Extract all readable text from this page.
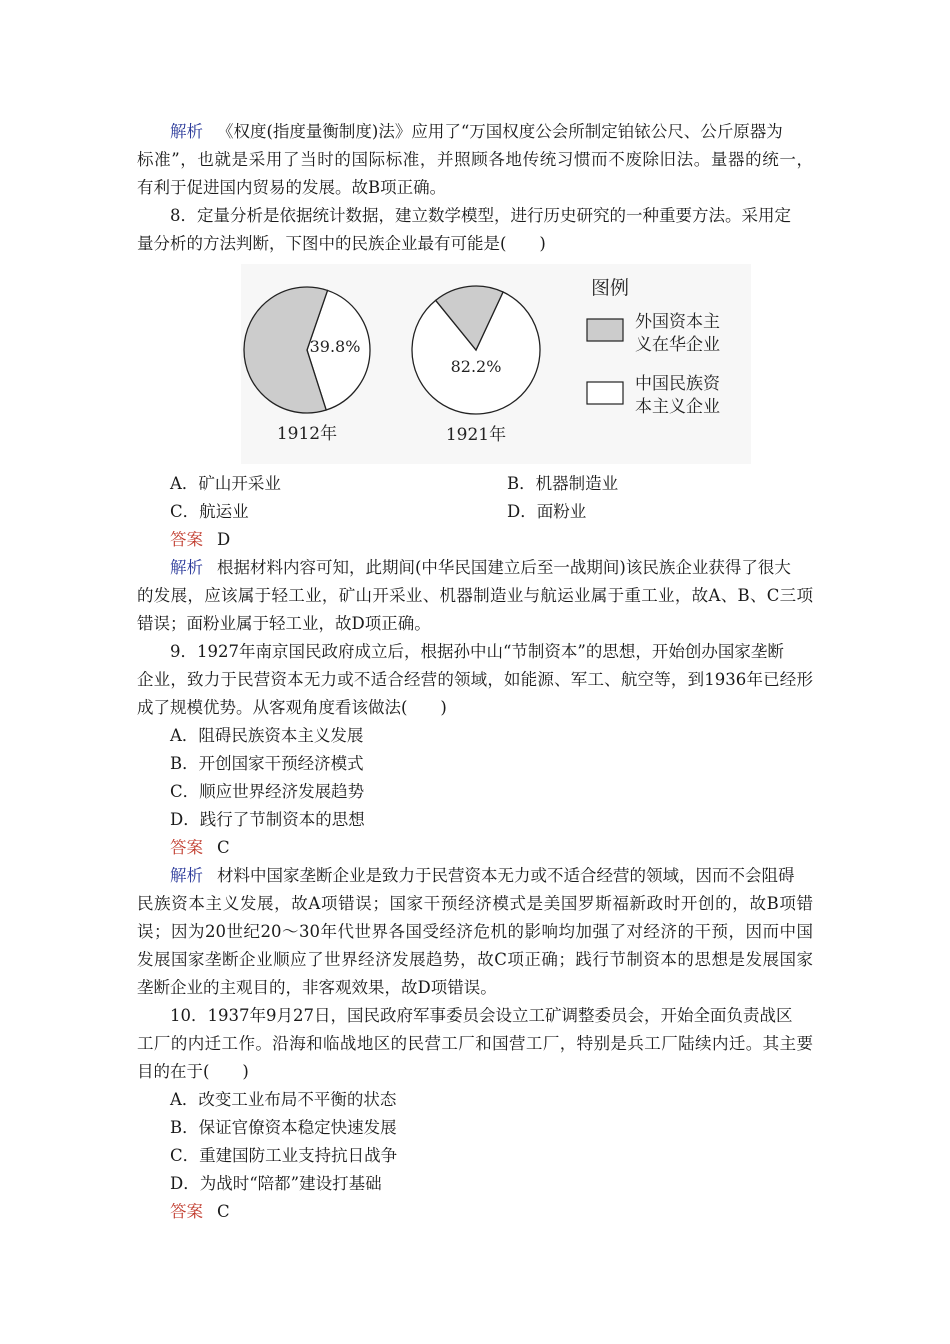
解析 《权度(指度量衡制度)法》应用了“万国权度公会所制定铂铱公尺、公斤原器为
标准”，也就是采用了当时的国际标准，并照顾各地传统习惯而不废除旧法。量器的统一，
有利于促进国内贸易的发展。故B项正确。
8．定量分析是依据统计数据，建立数学模型，进行历史研究的一种重要方法。采用定
量分析的方法判断，下图中的民族企业最有可能是(　　)
39.8%
1912年
82.2%
1921年
图例
外国资本主
义在华企业
中国民族资
本主义企业
A．矿山开采业	B．机器制造业
C．航运业	D．面粉业
答案 D
解析 根据材料内容可知，此期间(中华民国建立后至一战期间)该民族企业获得了很大
的发展，应该属于轻工业，矿山开采业、机器制造业与航运业属于重工业，故A、B、C三项
错误；面粉业属于轻工业，故D项正确。
9．1927年南京国民政府成立后，根据孙中山“节制资本”的思想，开始创办国家垄断
企业，致力于民营资本无力或不适合经营的领域，如能源、军工、航空等，到1936年已经形
成了规模优势。从客观角度看该做法(　　)
A．阻碍民族资本主义发展
B．开创国家干预经济模式
C．顺应世界经济发展趋势
D．践行了节制资本的思想
答案 C
解析 材料中国家垄断企业是致力于民营资本无力或不适合经营的领域，因而不会阻碍
民族资本主义发展，故A项错误；国家干预经济模式是美国罗斯福新政时开创的，故B项错
误；因为20世纪20～30年代世界各国受经济危机的影响均加强了对经济的干预，因而中国
发展国家垄断企业顺应了世界经济发展趋势，故C项正确；践行节制资本的思想是发展国家
垄断企业的主观目的，非客观效果，故D项错误。
10．1937年9月27日，国民政府军事委员会设立工矿调整委员会，开始全面负责战区
工厂的内迁工作。沿海和临战地区的民营工厂和国营工厂，特别是兵工厂陆续内迁。其主要
目的在于(　　)
A．改变工业布局不平衡的状态
B．保证官僚资本稳定快速发展
C．重建国防工业支持抗日战争
D．为战时“陪都”建设打基础
答案 C
